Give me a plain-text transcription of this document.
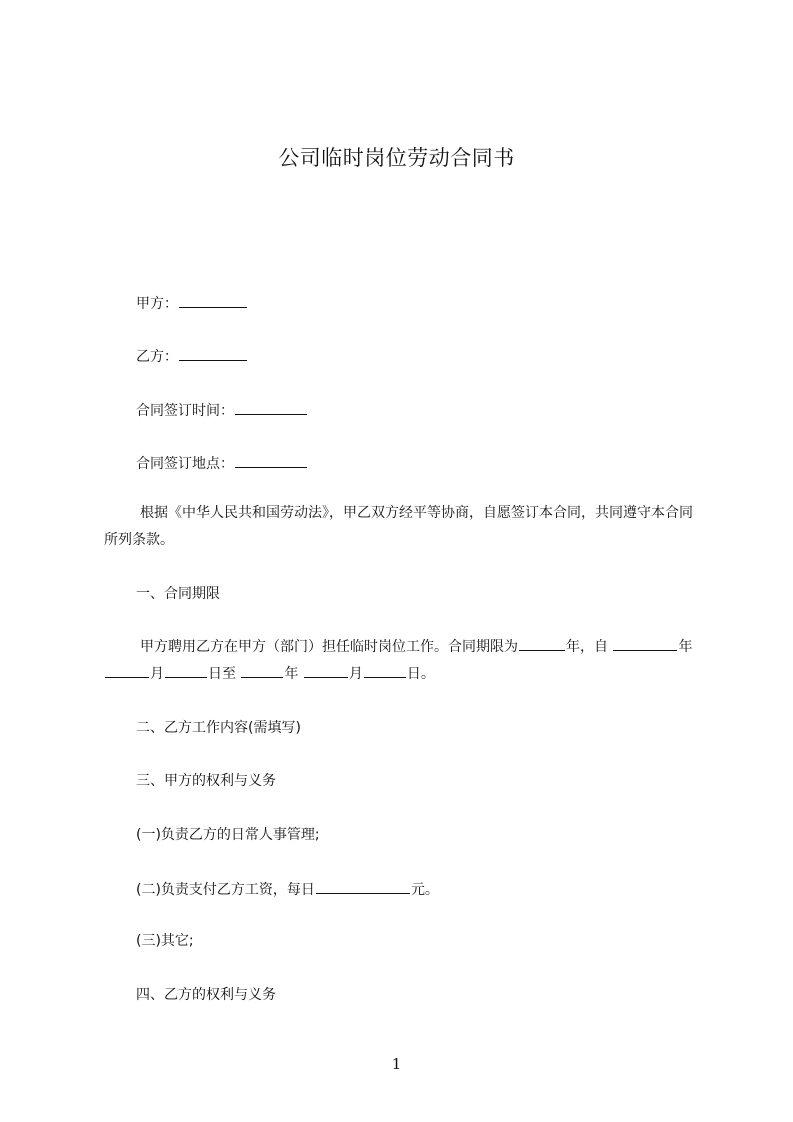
公司临时岗位劳动合同书
甲方：
乙方：
合同签订时间：
合同签订地点：
根据《中华人民共和国劳动法》，甲乙双方经平等协商，自愿签订本合同，共同遵守本合同所列条款。
一、合同期限
甲方聘用乙方在甲方（部门）担任临时岗位工作。合同期限为	年，自	年 月	日至	年	月	日。
二、乙方工作内容(需填写)
三、甲方的权利与义务
(一)负责乙方的日常人事管理;
(二)负责支付乙方工资，每日	元。
(三)其它;
四、乙方的权利与义务
1
